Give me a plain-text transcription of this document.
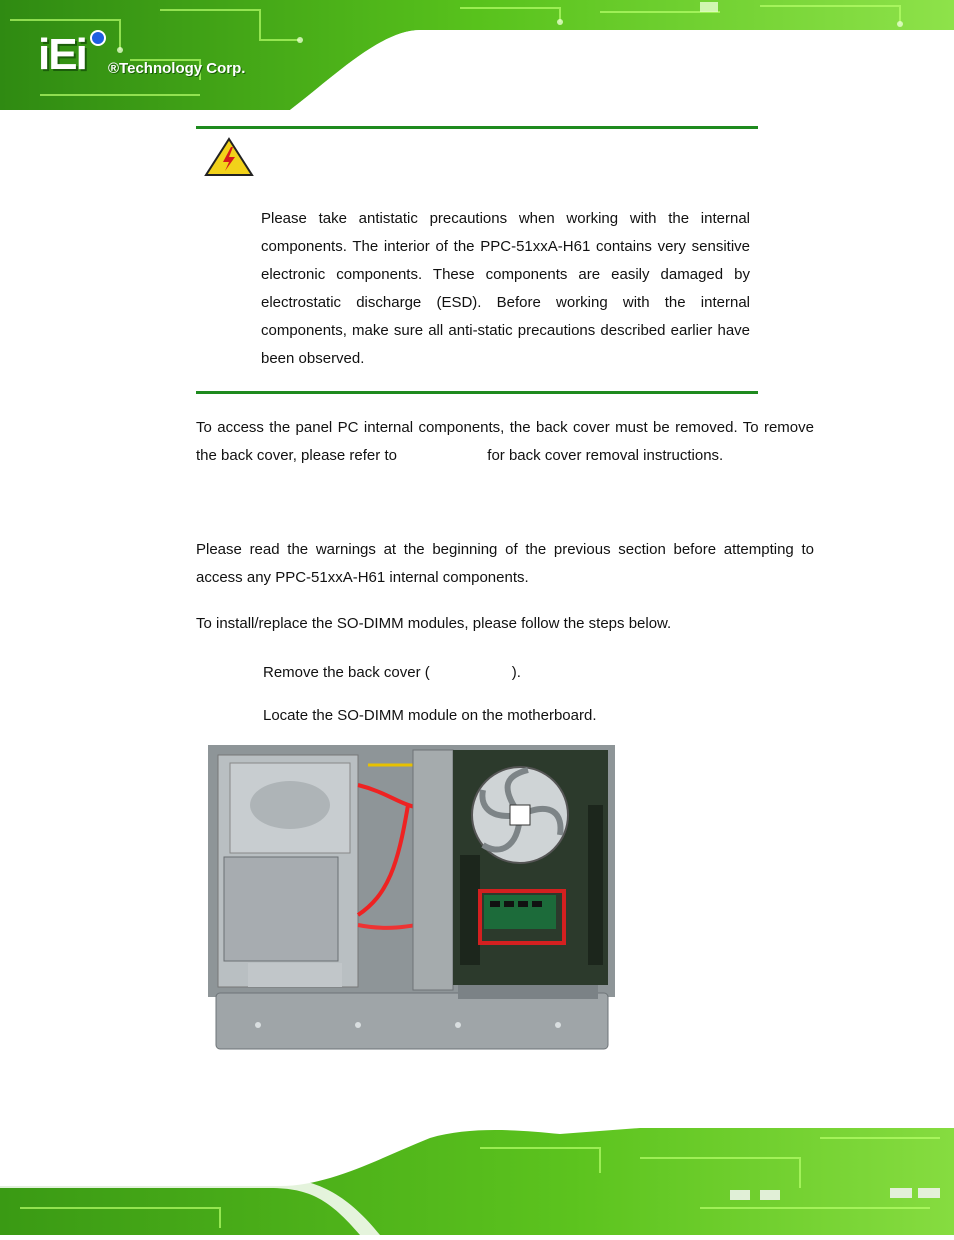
iEi ®Technology Corp.
Please take antistatic precautions when working with the internal components. The interior of the PPC-51xxA-H61 contains very sensitive electronic components. These components are easily damaged by electrostatic discharge (ESD). Before working with the internal components, make sure all anti-static precautions described earlier have been observed.
To access the panel PC internal components, the back cover must be removed. To remove the back cover, please refer to	for back cover removal instructions.
Please read the warnings at the beginning of the previous section before attempting to access any PPC-51xxA-H61 internal components.
To install/replace the SO-DIMM modules, please follow the steps below.
Remove the back cover (	).
Locate the SO-DIMM module on the motherboard.
